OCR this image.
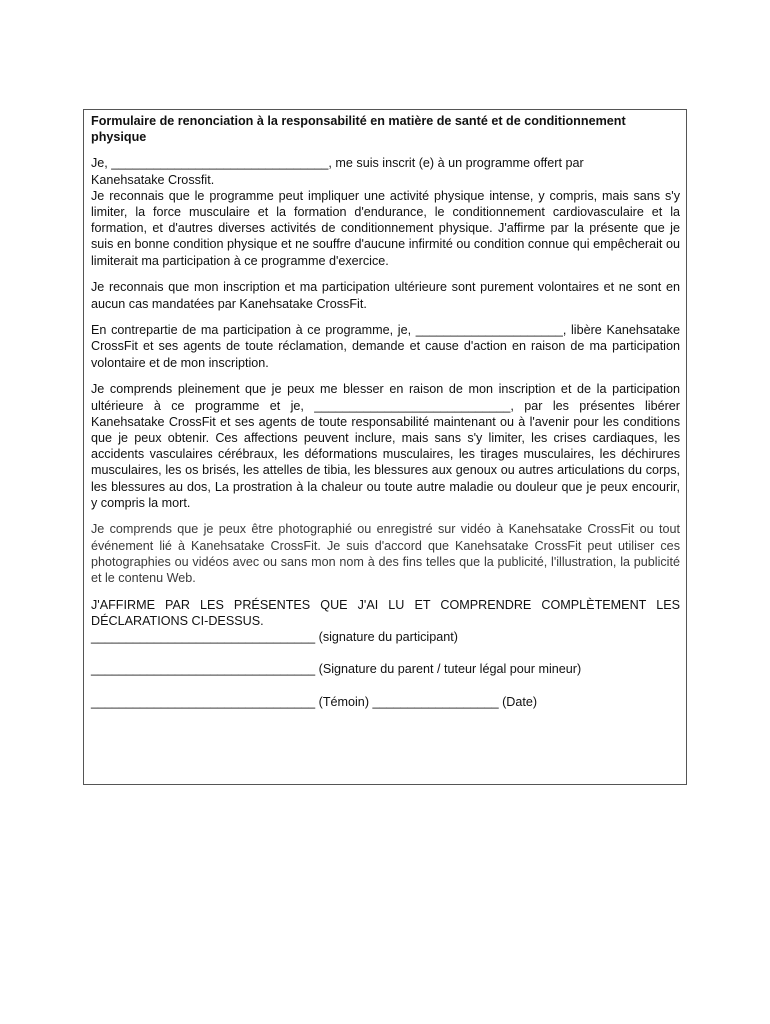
Formulaire de renonciation à la responsabilité en matière de santé et de conditionnement physique
Je, _______________________________, me suis inscrit (e) à un programme offert par
Kanehsatake Crossfit.
Je reconnais que le programme peut impliquer une activité physique intense, y compris, mais sans s'y limiter, la force musculaire et la formation d'endurance, le conditionnement cardiovasculaire et la formation, et d'autres diverses activités de conditionnement physique. J'affirme par la présente que je suis en bonne condition physique et ne souffre d'aucune infirmité ou condition connue qui empêcherait ou limiterait ma participation à ce programme d'exercice.
Je reconnais que mon inscription et ma participation ultérieure sont purement volontaires et ne sont en aucun cas mandatées par Kanehsatake CrossFit.
En contrepartie de ma participation à ce programme, je, _____________________, libère Kanehsatake CrossFit et ses agents de toute réclamation, demande et cause d'action en raison de ma participation volontaire et de mon inscription.
Je comprends pleinement que je peux me blesser en raison de mon inscription et de la participation ultérieure à ce programme et je, ____________________________, par les présentes libérer Kanehsatake CrossFit et ses agents de toute responsabilité maintenant ou à l'avenir pour les conditions que je peux obtenir. Ces affections peuvent inclure, mais sans s'y limiter, les crises cardiaques, les accidents vasculaires cérébraux, les déformations musculaires, les tirages musculaires, les déchirures musculaires, les os brisés, les attelles de tibia, les blessures aux genoux ou autres articulations du corps, les blessures au dos, La prostration à la chaleur ou toute autre maladie ou douleur que je peux encourir, y compris la mort.
Je comprends que je peux être photographié ou enregistré sur vidéo à Kanehsatake CrossFit ou tout événement lié à Kanehsatake CrossFit. Je suis d'accord que Kanehsatake CrossFit peut utiliser ces photographies ou vidéos avec ou sans mon nom à des fins telles que la publicité, l'illustration, la publicité et le contenu Web.
J'AFFIRME PAR LES PRÉSENTES QUE J'AI LU ET COMPRENDRE COMPLÈTEMENT LES DÉCLARATIONS CI-DESSUS.
________________________________ (signature du participant)
________________________________ (Signature du parent / tuteur légal pour mineur)
________________________________ (Témoin) __________________ (Date)
